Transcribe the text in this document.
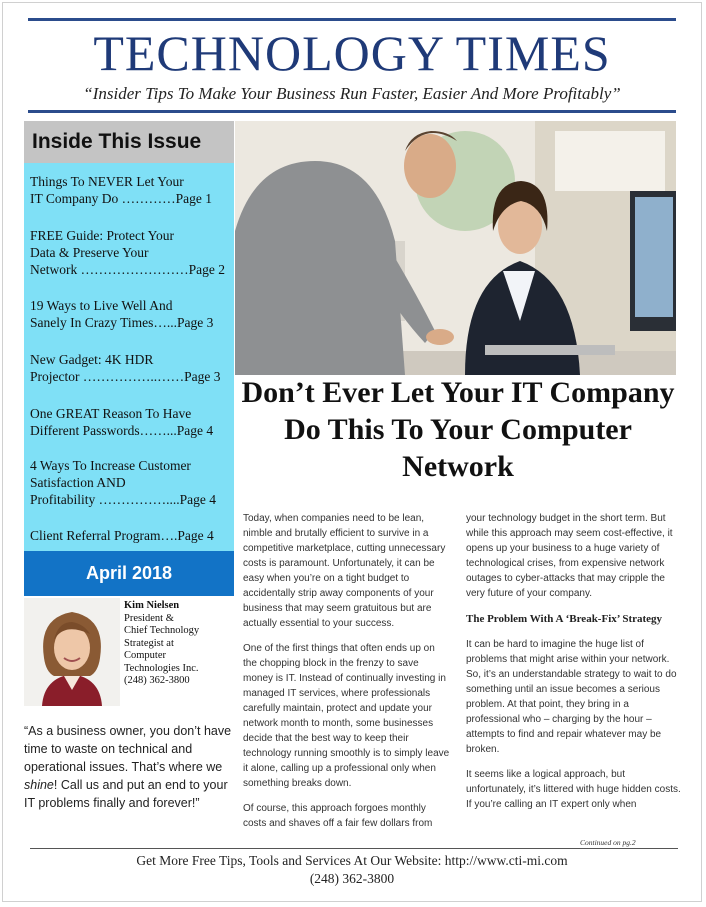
TECHNOLOGY TIMES
“Insider Tips To Make Your Business Run Faster, Easier And More Profitably”
Inside This Issue
Things To NEVER Let Your
IT Company Do …………Page 1
FREE Guide: Protect Your
Data & Preserve Your
Network ……………………Page 2
19 Ways to Live Well And
Sanely In Crazy Times…...Page 3
New Gadget: 4K HDR
Projector ……………..……Page 3
One GREAT Reason To Have
Different Passwords……...Page 4
4 Ways To Increase Customer
Satisfaction AND
Profitability ……………....Page 4
Client Referral Program….Page 4
April 2018
Kim Nielsen
President &
Chief Technology
Strategist at
Computer
Technologies Inc.
(248) 362-3800
“As a business owner, you don’t have time to waste on technical and operational issues. That’s where we shine! Call us and put an end to your IT problems finally and forever!”
Don’t Ever Let Your IT Company Do This To Your Computer Network

Today, when companies need to be lean, nimble and brutally efficient to survive in a competitive marketplace, cutting unnecessary costs is paramount. Unfortunately, it can be easy when you’re on a tight budget to accidentally strip away components of your business that may seem gratuitous but are actually essential to your success.

One of the first things that often ends up on the chopping block in the frenzy to save money is IT. Instead of continually investing in managed IT services, where professionals carefully maintain, protect and update your network month to month, some businesses decide that the best way to keep their technology running smoothly is to simply leave it alone, calling up a professional only when something breaks down.

Of course, this approach forgoes monthly costs and shaves off a fair few dollars from

your technology budget in the short term. But while this approach may seem cost-effective, it opens up your business to a huge variety of technological crises, from expensive network outages to cyber-attacks that may cripple the very future of your company.

The Problem With A ‘Break-Fix’ Strategy

It can be hard to imagine the huge list of problems that might arise within your network. So, it’s an understandable strategy to wait to do something until an issue becomes a serious problem. At that point, they bring in a professional who – charging by the hour – attempts to find and repair whatever may be broken.

It seems like a logical approach, but unfortunately, it’s littered with huge hidden costs. If you’re calling an IT expert only when

Continued on pg.2
Get More Free Tips, Tools and Services At Our Website: http://www.cti-mi.com
(248) 362-3800
